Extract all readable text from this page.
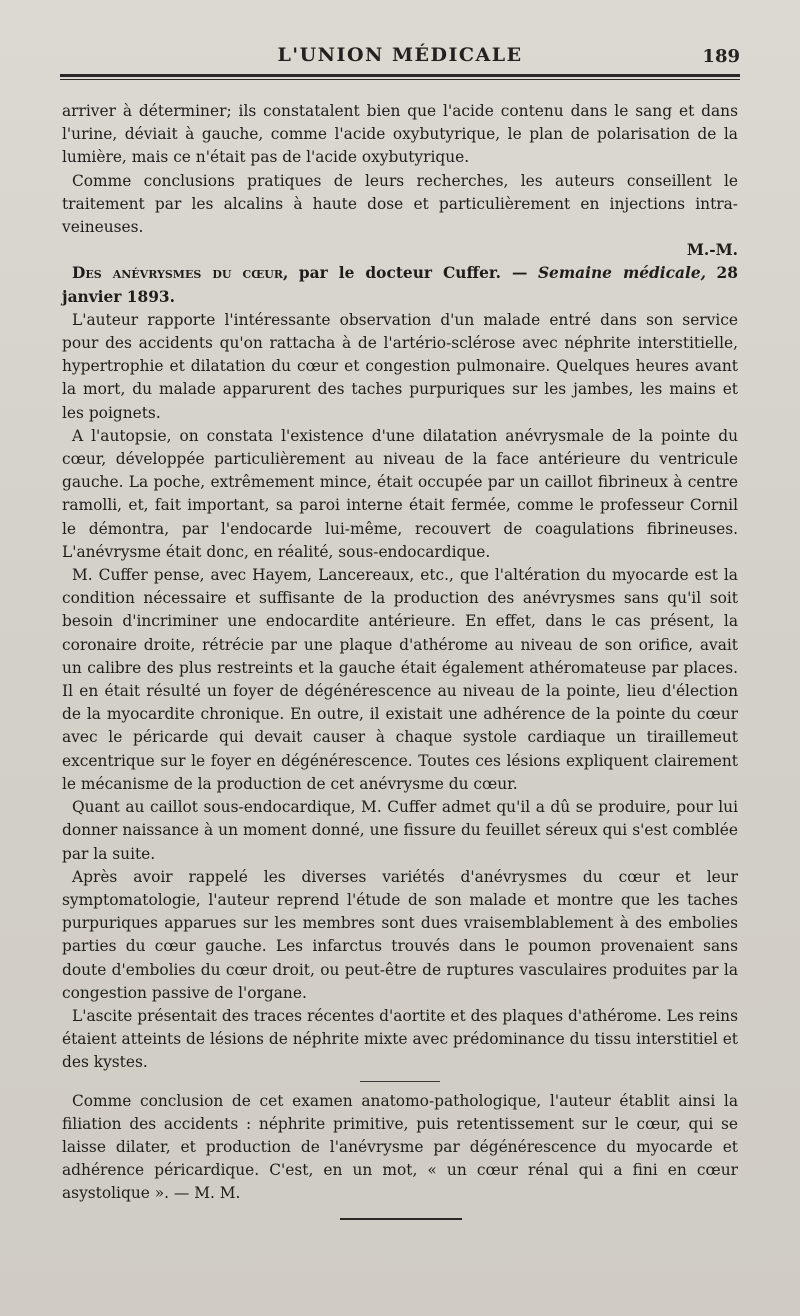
L'UNION MÉDICALE	189

arriver à déterminer; ils constatalent bien que l'acide contenu dans le sang et dans l'urine, déviait à gauche, comme l'acide oxybutyrique, le plan de polarisation de la lumière, mais ce n'était pas de l'acide oxybutyrique.

Comme conclusions pratiques de leurs recherches, les auteurs conseillent le traitement par les alcalins à haute dose et particulièrement en injections intra-veineuses.

M.-M.

Des anévrysmes du cœur, par le docteur Cuffer. — Semaine médicale, 28 janvier 1893.

L'auteur rapporte l'intéressante observation d'un malade entré dans son service pour des accidents qu'on rattacha à de l'artério-sclérose avec néphrite interstitielle, hypertrophie et dilatation du cœur et congestion pulmonaire. Quelques heures avant la mort, du malade apparurent des taches purpuriques sur les jambes, les mains et les poignets.

A l'autopsie, on constata l'existence d'une dilatation anévrysmale de la pointe du cœur, développée particulièrement au niveau de la face antérieure du ventricule gauche. La poche, extrêmement mince, était occupée par un caillot fibrineux à centre ramolli, et, fait important, sa paroi interne était fermée, comme le professeur Cornil le démontra, par l'endocarde lui-même, recouvert de coagulations fibrineuses. L'anévrysme était donc, en réalité, sous-endocardique.

M. Cuffer pense, avec Hayem, Lancereaux, etc., que l'altération du myocarde est la condition nécessaire et suffisante de la production des anévrysmes sans qu'il soit besoin d'incriminer une endocardite antérieure. En effet, dans le cas présent, la coronaire droite, rétrécie par une plaque d'athérome au niveau de son orifice, avait un calibre des plus restreints et la gauche était également athéromateuse par places. Il en était résulté un foyer de dégénérescence au niveau de la pointe, lieu d'élection de la myocardite chronique. En outre, il existait une adhérence de la pointe du cœur avec le péricarde qui devait causer à chaque systole cardiaque un tiraillemeut excentrique sur le foyer en dégénérescence. Toutes ces lésions expliquent clairement le mécanisme de la production de cet anévrysme du cœur.

Quant au caillot sous-endocardique, M. Cuffer admet qu'il a dû se produire, pour lui donner naissance à un moment donné, une fissure du feuillet séreux qui s'est comblée par la suite.

Après avoir rappelé les diverses variétés d'anévrysmes du cœur et leur symptomatologie, l'auteur reprend l'étude de son malade et montre que les taches purpuriques apparues sur les membres sont dues vraisemblablement à des embolies parties du cœur gauche. Les infarctus trouvés dans le poumon provenaient sans doute d'embolies du cœur droit, ou peut-être de ruptures vasculaires produites par la congestion passive de l'organe.

L'ascite présentait des traces récentes d'aortite et des plaques d'athérome. Les reins étaient atteints de lésions de néphrite mixte avec prédominance du tissu interstitiel et des kystes.

Comme conclusion de cet examen anatomo-pathologique, l'auteur établit ainsi la filiation des accidents : néphrite primitive, puis retentissement sur le cœur, qui se laisse dilater, et production de l'anévrysme par dégénérescence du myocarde et adhérence péricardique. C'est, en un mot, « un cœur rénal qui a fini en cœur asystolique ». — M. M.
